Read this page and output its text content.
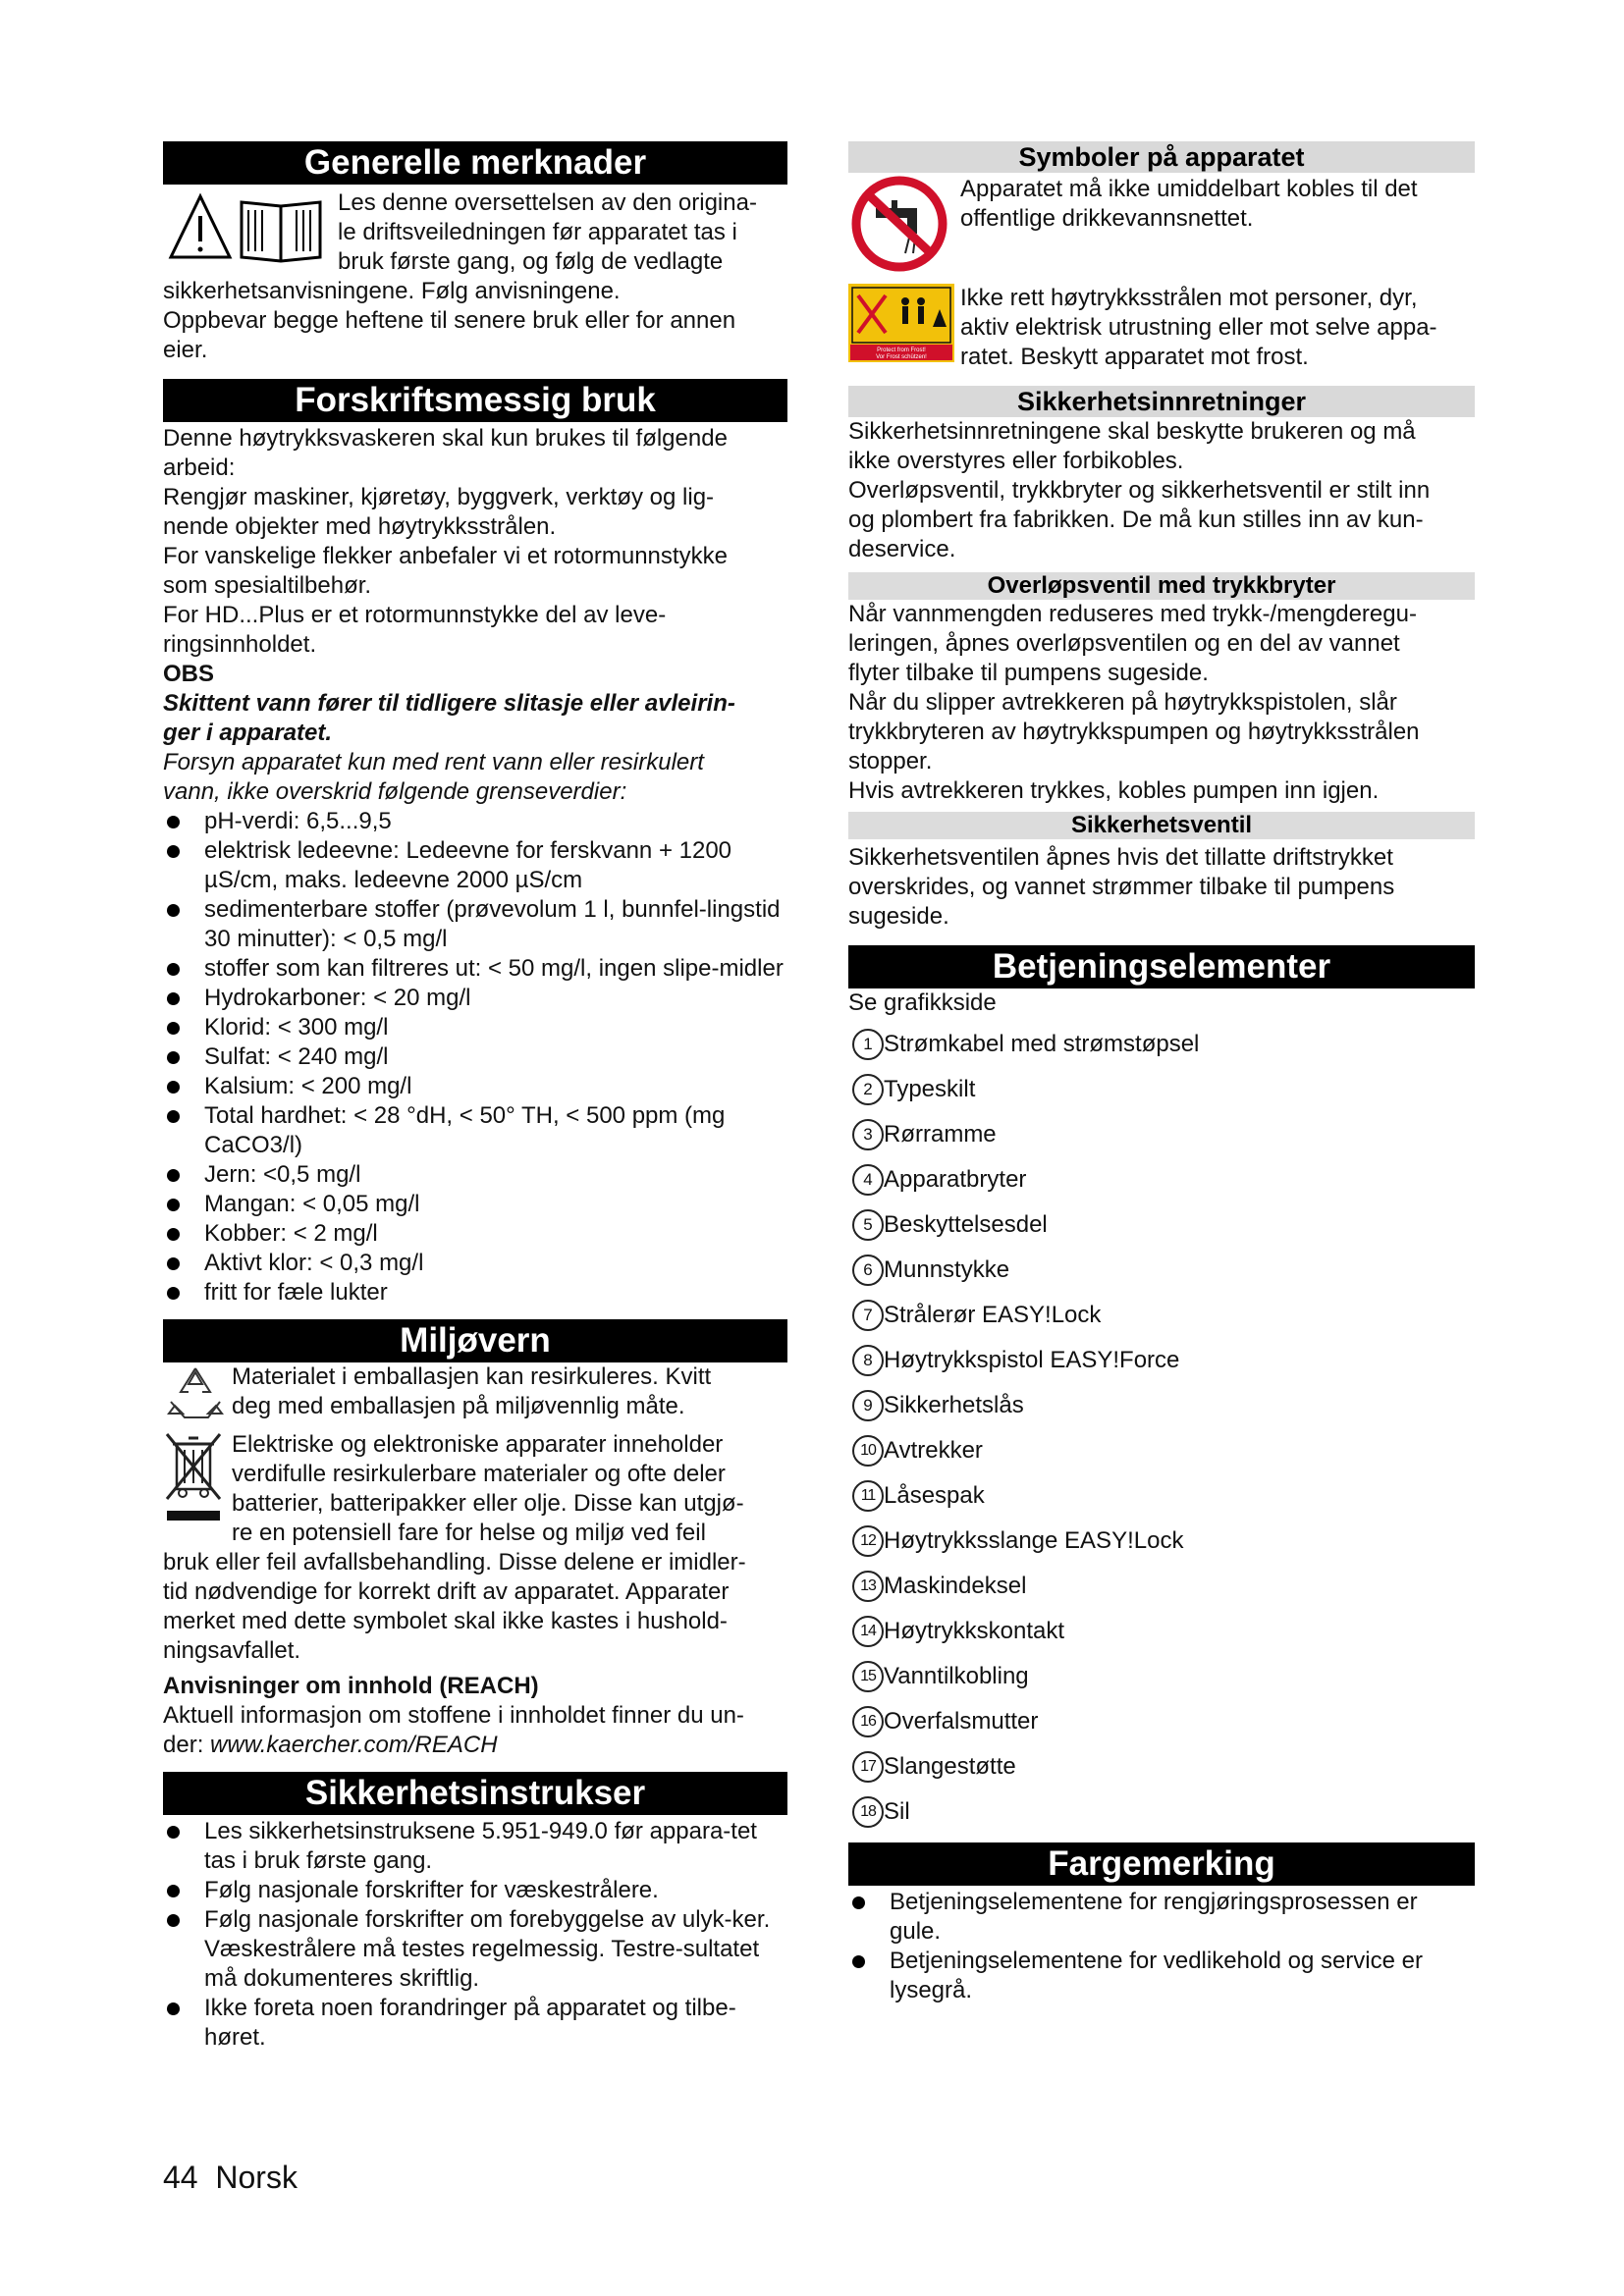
Generelle merknader

Les denne oversettelsen av den origina-

le driftsveiledningen før apparatet tas i

bruk første gang, og følg de vedlagte

sikkerhetsanvisningene. Følg anvisningene.

Oppbevar begge heftene til senere bruk eller for annen

eier.

Forskriftsmessig bruk

Denne høytrykksvaskeren skal kun brukes til følgende

arbeid:

Rengjør maskiner, kjøretøy, byggverk, verktøy og lig-

nende objekter med høytrykksstrålen.

For vanskelige flekker anbefaler vi et rotormunnstykke

som spesialtilbehør.

For HD...Plus er et rotormunnstykke del av leve-

ringsinnholdet.

OBS

Skittent vann fører til tidligere slitasje eller avleirin-

ger i apparatet.

Forsyn apparatet kun med rent vann eller resirkulert

vann, ikke overskrid følgende grenseverdier:

pH-verdi: 6,5...9,5
elektrisk ledeevne: Ledeevne for ferskvann + 1200 µS/cm, maks. ledeevne 2000 µS/cm
sedimenterbare stoffer (prøvevolum 1 l, bunnfel-lingstid 30 minutter): < 0,5 mg/l
stoffer som kan filtreres ut: < 50 mg/l, ingen slipe-midler
Hydrokarboner: < 20 mg/l
Klorid: < 300 mg/l
Sulfat: < 240 mg/l
Kalsium: < 200 mg/l
Total hardhet: < 28 °dH, < 50° TH, < 500 ppm (mg CaCO3/l)
Jern: <0,5 mg/l
Mangan: < 0,05 mg/l
Kobber: < 2 mg/l
Aktivt klor: < 0,3 mg/l
fritt for fæle lukter
Miljøvern

Materialet i emballasjen kan resirkuleres. Kvitt

deg med emballasjen på miljøvennlig måte.

Elektriske og elektroniske apparater inneholder

verdifulle resirkulerbare materialer og ofte deler

batterier, batteripakker eller olje. Disse kan utgjø-

re en potensiell fare for helse og miljø ved feil

bruk eller feil avfallsbehandling. Disse delene er imidler-

tid nødvendige for korrekt drift av apparatet. Apparater

merket med dette symbolet skal ikke kastes i hushold-

ningsavfallet.

Anvisninger om innhold (REACH)

Aktuell informasjon om stoffene i innholdet finner du un-

der: www.kaercher.com/REACH

Sikkerhetsinstrukser
Les sikkerhetsinstruksene 5.951-949.0 før appara-tet tas i bruk første gang.
Følg nasjonale forskrifter for væskestrålere.
Følg nasjonale forskrifter om forebyggelse av ulyk-ker. Væskestrålere må testes regelmessig. Testre-sultatet må dokumenteres skriftlig.
Ikke foreta noen forandringer på apparatet og tilbe-høret.
Symboler på apparatet

Apparatet må ikke umiddelbart kobles til det

offentlige drikkevannsnettet.

Protect from Frost!
Vor Frost schützen!

Ikke rett høytrykksstrålen mot personer, dyr,

aktiv elektrisk utrustning eller mot selve appa-

ratet. Beskytt apparatet mot frost.

Sikkerhetsinnretninger

Sikkerhetsinnretningene skal beskytte brukeren og må

ikke overstyres eller forbikobles.

Overløpsventil, trykkbryter og sikkerhetsventil er stilt inn

og plombert fra fabrikken. De må kun stilles inn av kun-

deservice.

Overløpsventil med trykkbryter

Når vannmengden reduseres med trykk-/mengderegu-

leringen, åpnes overløpsventilen og en del av vannet

flyter tilbake til pumpens sugeside.

Når du slipper avtrekkeren på høytrykkspistolen, slår

trykkbryteren av høytrykkspumpen og høytrykksstrålen

stopper.

Hvis avtrekkeren trykkes, kobles pumpen inn igjen.

Sikkerhetsventil

Sikkerhetsventilen åpnes hvis det tillatte driftstrykket

overskrides, og vannet strømmer tilbake til pumpens

sugeside.

Betjeningselementer

Se grafikkside

1 Strømkabel med strømstøpsel
2 Typeskilt
3 Rørramme
4 Apparatbryter
5 Beskyttelsesdel
6 Munnstykke
7 Strålerør EASY!Lock
8 Høytrykkspistol EASY!Force
9 Sikkerhetslås
10 Avtrekker
11 Låsespak
12 Høytrykksslange EASY!Lock
13 Maskindeksel
14 Høytrykkskontakt
15 Vanntilkobling
16 Overfalsmutter
17 Slangestøtte
18 Sil
Fargemerking
Betjeningselementene for rengjøringsprosessen er gule.
Betjeningselementene for vedlikehold og service er lysegrå.
44 Norsk
